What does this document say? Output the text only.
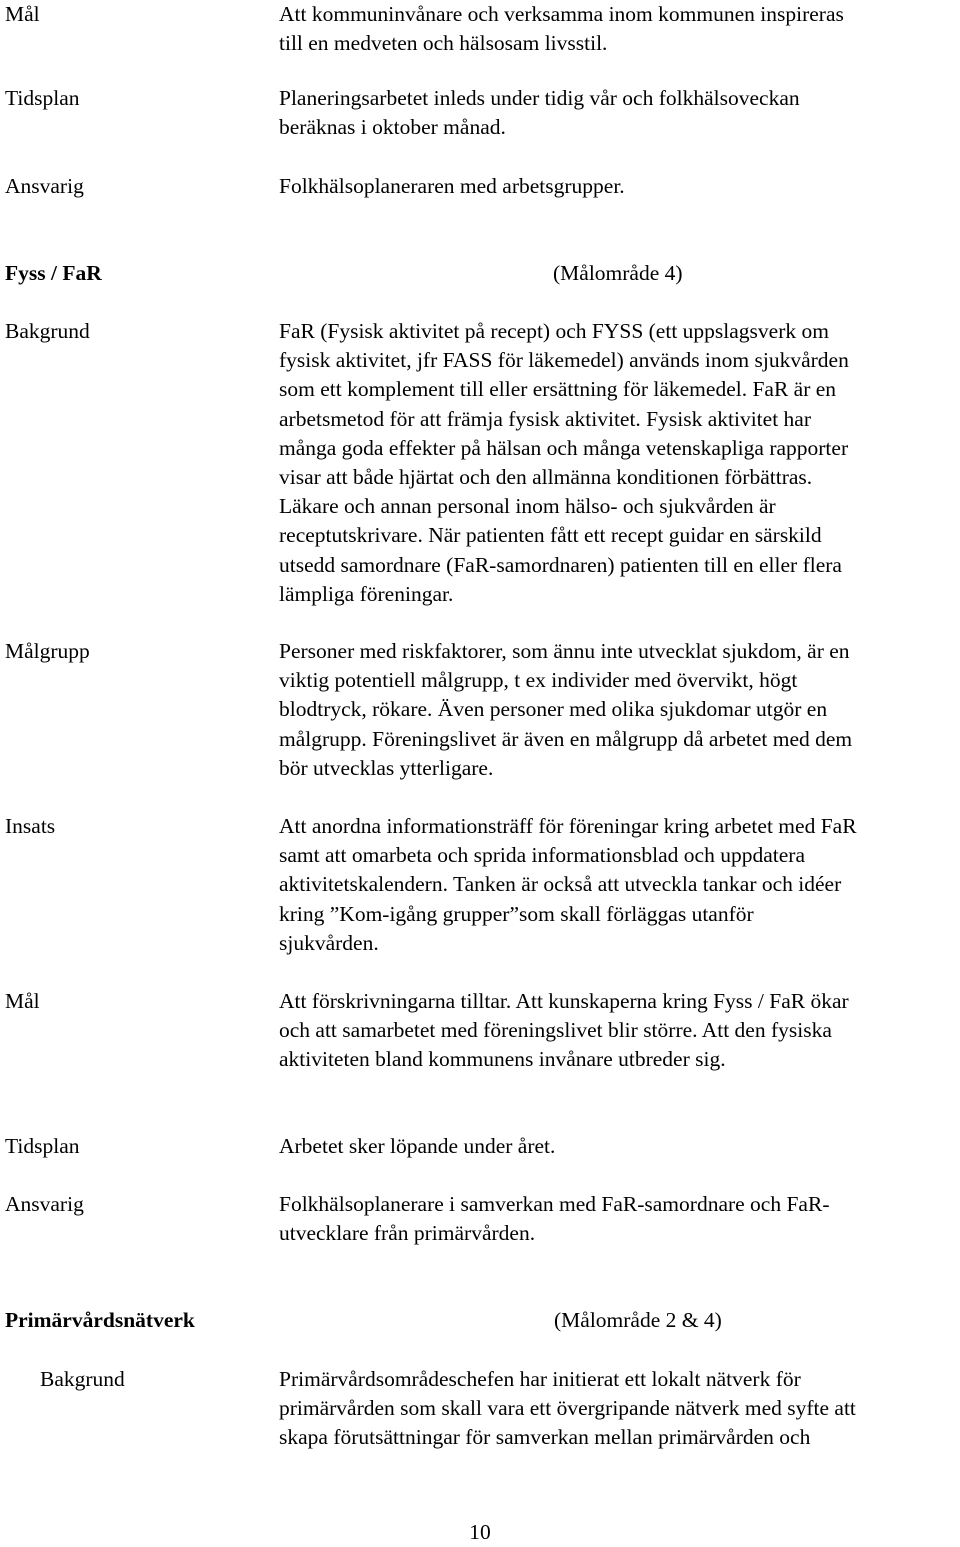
Mål	Att kommuninvånare och verksamma inom kommunen inspireras
till en medveten och hälsosam livsstil.
Tidsplan	Planeringsarbetet inleds under tidig vår och folkhälsoveckan
beräknas i oktober månad.
Ansvarig	Folkhälsoplaneraren med arbetsgrupper.
Fyss / FaR	(Målområde 4)
Bakgrund	FaR (Fysisk aktivitet på recept) och FYSS (ett uppslagsverk om
fysisk aktivitet, jfr FASS för läkemedel) används inom sjukvården
som ett komplement till eller ersättning för läkemedel. FaR är en
arbetsmetod för att främja fysisk aktivitet. Fysisk aktivitet har
många goda effekter på hälsan och många vetenskapliga rapporter
visar att både hjärtat och den allmänna konditionen förbättras.
Läkare och annan personal inom hälso- och sjukvården är
receptutskrivare. När patienten fått ett recept guidar en särskild
utsedd samordnare (FaR-samordnaren) patienten till en eller flera
lämpliga föreningar.
Målgrupp	Personer med riskfaktorer, som ännu inte utvecklat sjukdom, är en
viktig potentiell målgrupp, t ex individer med övervikt, högt
blodtryck, rökare. Även personer med olika sjukdomar utgör en
målgrupp. Föreningslivet är även en målgrupp då arbetet med dem
bör utvecklas ytterligare.
Insats	Att anordna informationsträff för föreningar kring arbetet med FaR
samt att omarbeta och sprida informationsblad och uppdatera
aktivitetskalendern. Tanken är också att utveckla tankar och idéer
kring ”Kom-igång grupper”som skall förläggas utanför
sjukvården.
Mål	Att förskrivningarna tilltar. Att kunskaperna kring Fyss / FaR ökar
och att samarbetet med föreningslivet blir större. Att den fysiska
aktiviteten bland kommunens invånare utbreder sig.
Tidsplan	Arbetet sker löpande under året.
Ansvarig	Folkhälsoplanerare i samverkan med FaR-samordnare och FaR-
utvecklare från primärvården.
Primärvårdsnätverk	(Målområde 2 & 4)
Bakgrund	Primärvårdsområdeschefen har initierat ett lokalt nätverk för
primärvården som skall vara ett övergripande nätverk med syfte att
skapa förutsättningar för samverkan mellan primärvården och
10
